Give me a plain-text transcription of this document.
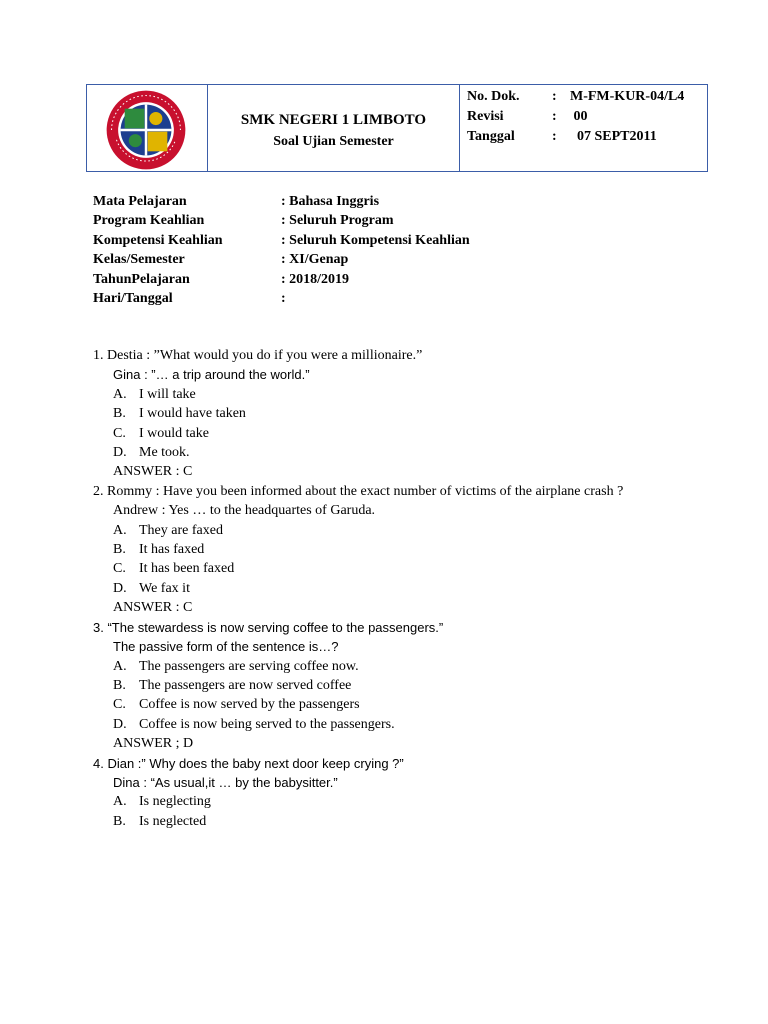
SMK NEGERI 1 LIMBOTO
Soal Ujian Semester
No. Dok.	: M-FM-KUR-04/L4
Revisi	: 00
Tanggal	: 07 SEPT2011
Mata Pelajaran	: Bahasa Inggris
Program Keahlian	: Seluruh Program
Kompetensi Keahlian	: Seluruh Kompetensi Keahlian
Kelas/Semester	: XI/Genap
TahunPelajaran	: 2018/2019
Hari/Tanggal	:
1. Destia : ”What would you do if you were a millionaire.”
Gina : ”… a trip around the world.”
A. I will take
B. I would have taken
C. I would take
D. Me took.
ANSWER : C
2. Rommy : Have you been informed about the exact number of victims of the airplane crash ?
Andrew : Yes … to the headquartes of Garuda.
A. They are faxed
B. It has faxed
C. It has been faxed
D. We fax it
ANSWER : C
3. “The stewardess is now serving coffee to the passengers.”
The passive form of the sentence is…?
A. The passengers are serving coffee now.
B. The passengers are now served coffee
C. Coffee is now served by the passengers
D. Coffee is now being served to the passengers.
ANSWER ; D
4. Dian :” Why does the baby next door keep crying ?”
Dina : “As usual,it … by the babysitter.”
A. Is neglecting
B. Is neglected
